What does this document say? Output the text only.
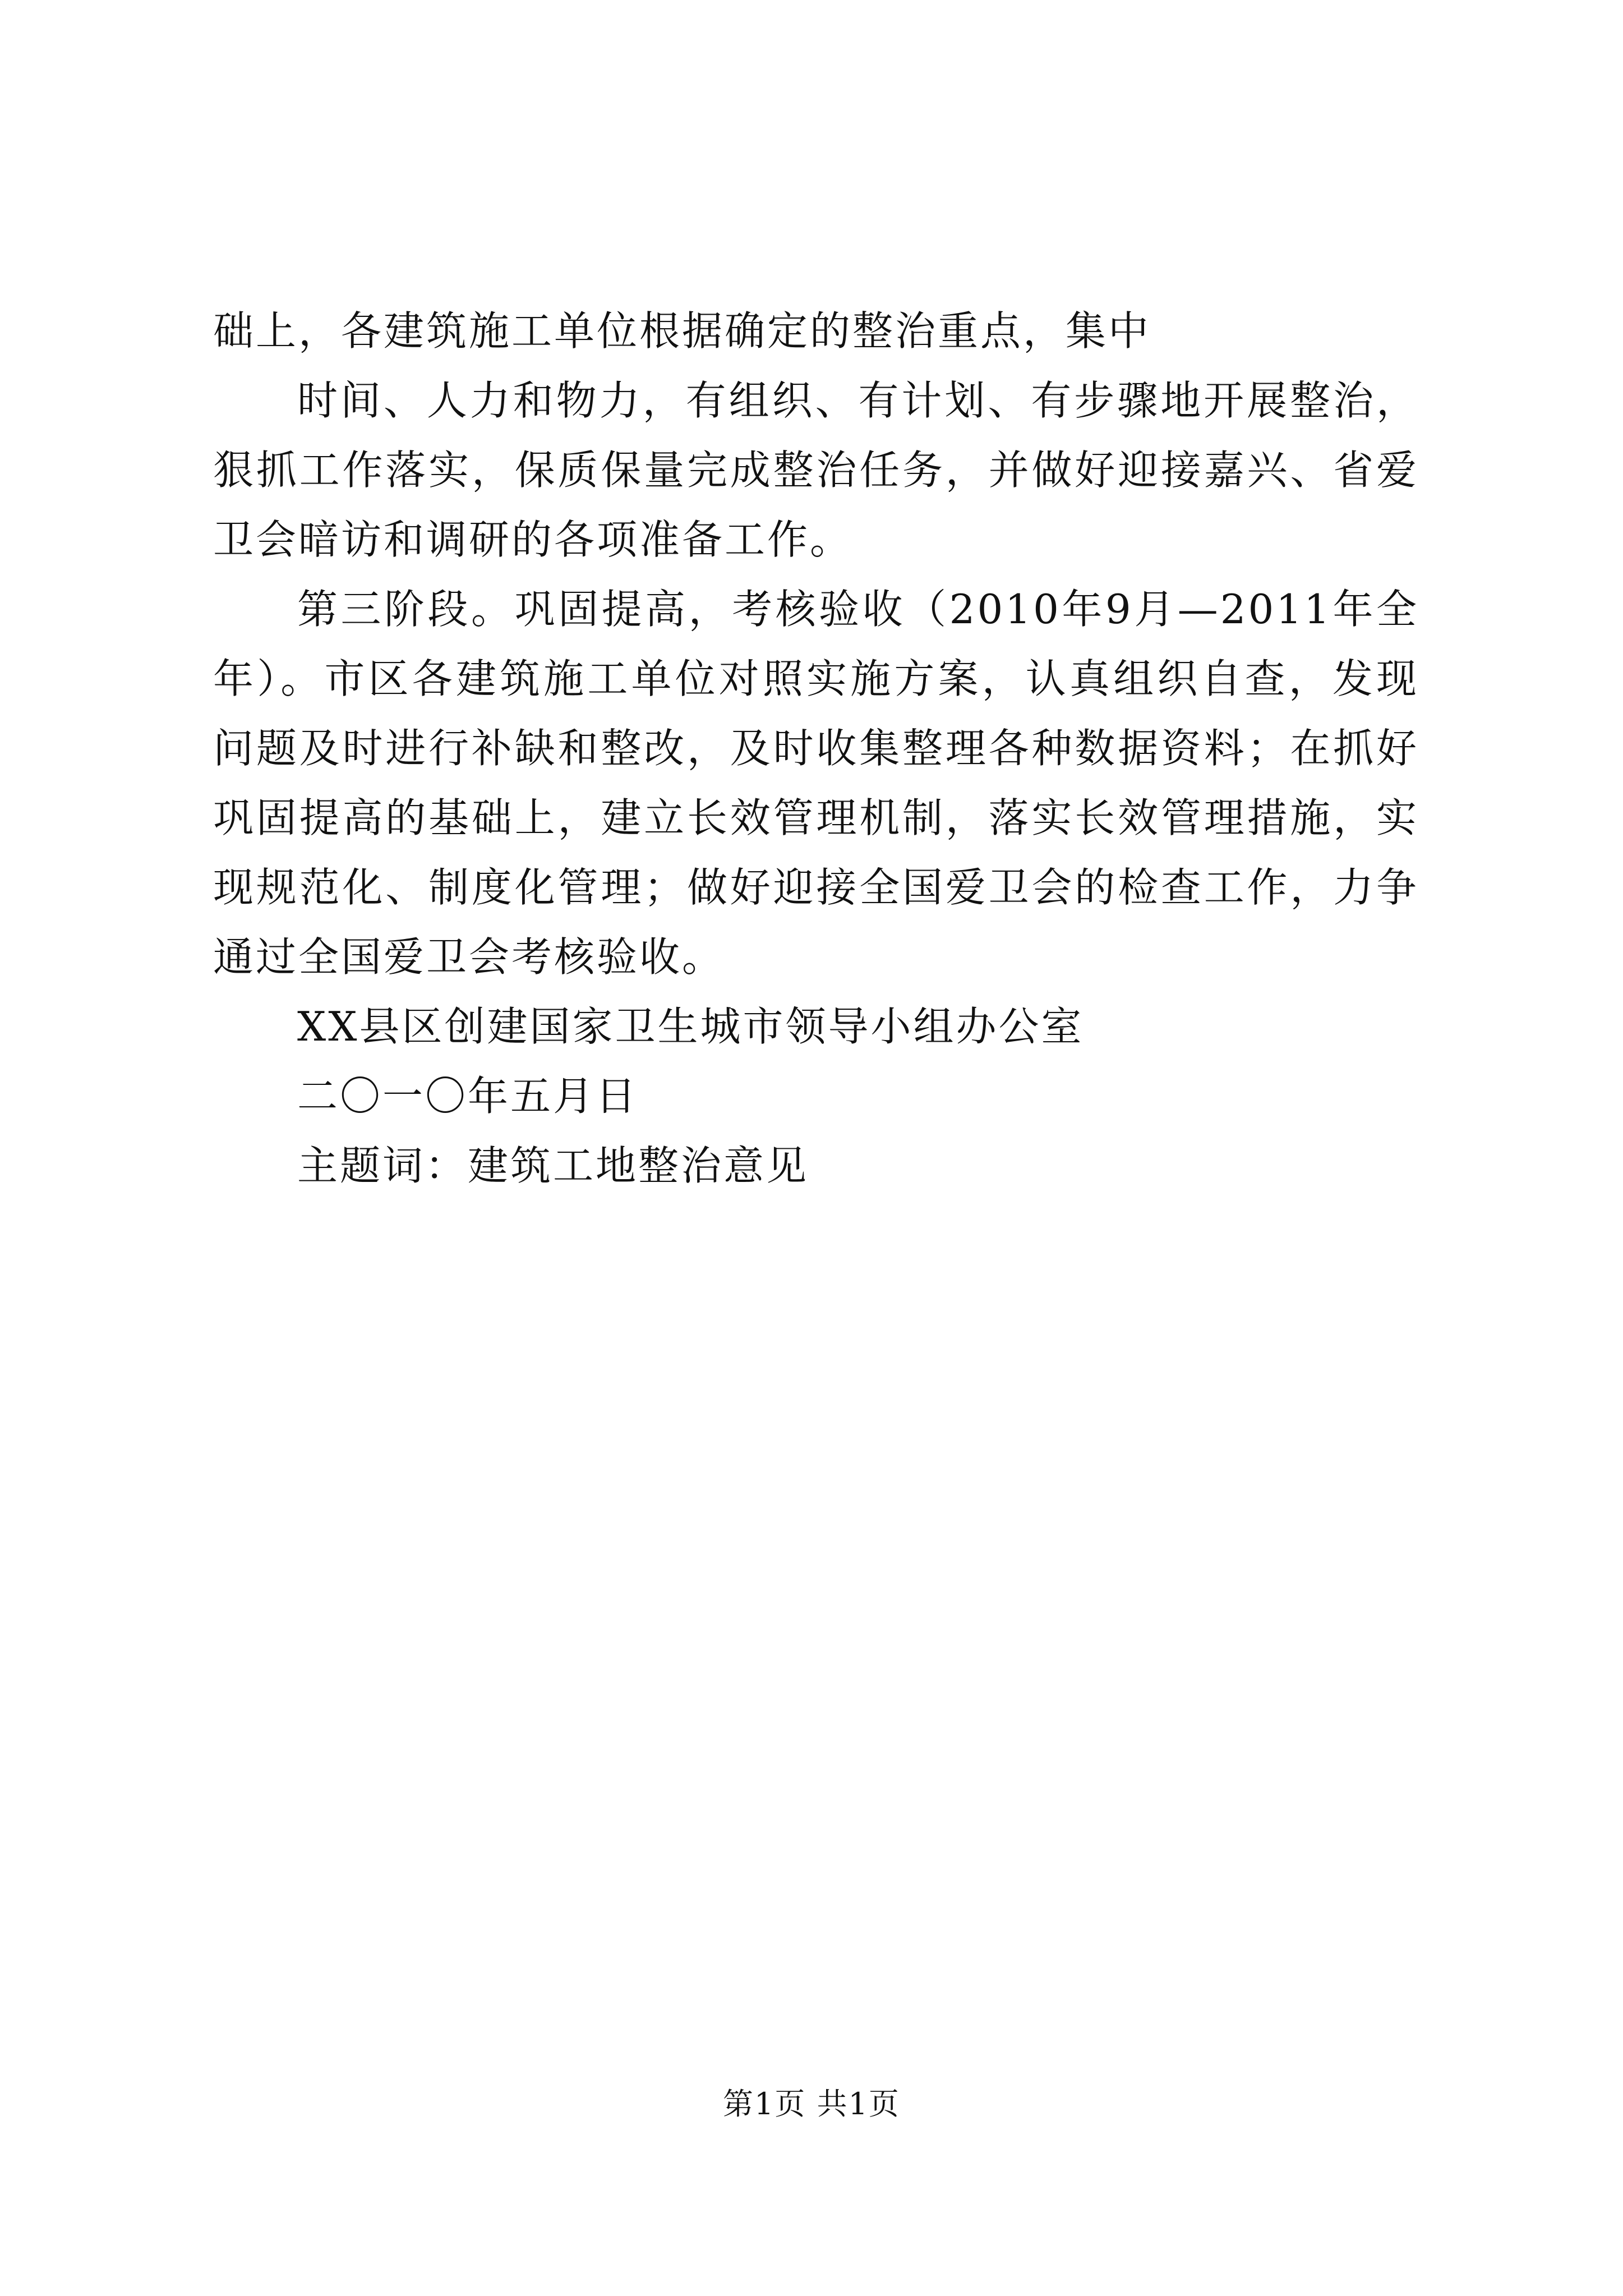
础上，各建筑施工单位根据确定的整治重点，集中

时间、人力和物力，有组织、有计划、有步骤地开展整治，狠抓工作落实，保质保量完成整治任务，并做好迎接嘉兴、省爱卫会暗访和调研的各项准备工作。

第三阶段。巩固提高，考核验收（2010年9月—2011年全年）。市区各建筑施工单位对照实施方案，认真组织自查，发现问题及时进行补缺和整改，及时收集整理各种数据资料；在抓好巩固提高的基础上，建立长效管理机制，落实长效管理措施，实现规范化、制度化管理；做好迎接全国爱卫会的检查工作，力争通过全国爱卫会考核验收。

XX县区创建国家卫生城市领导小组办公室

二〇一〇年五月日

主题词：建筑工地整治意见

第1页 共1页
